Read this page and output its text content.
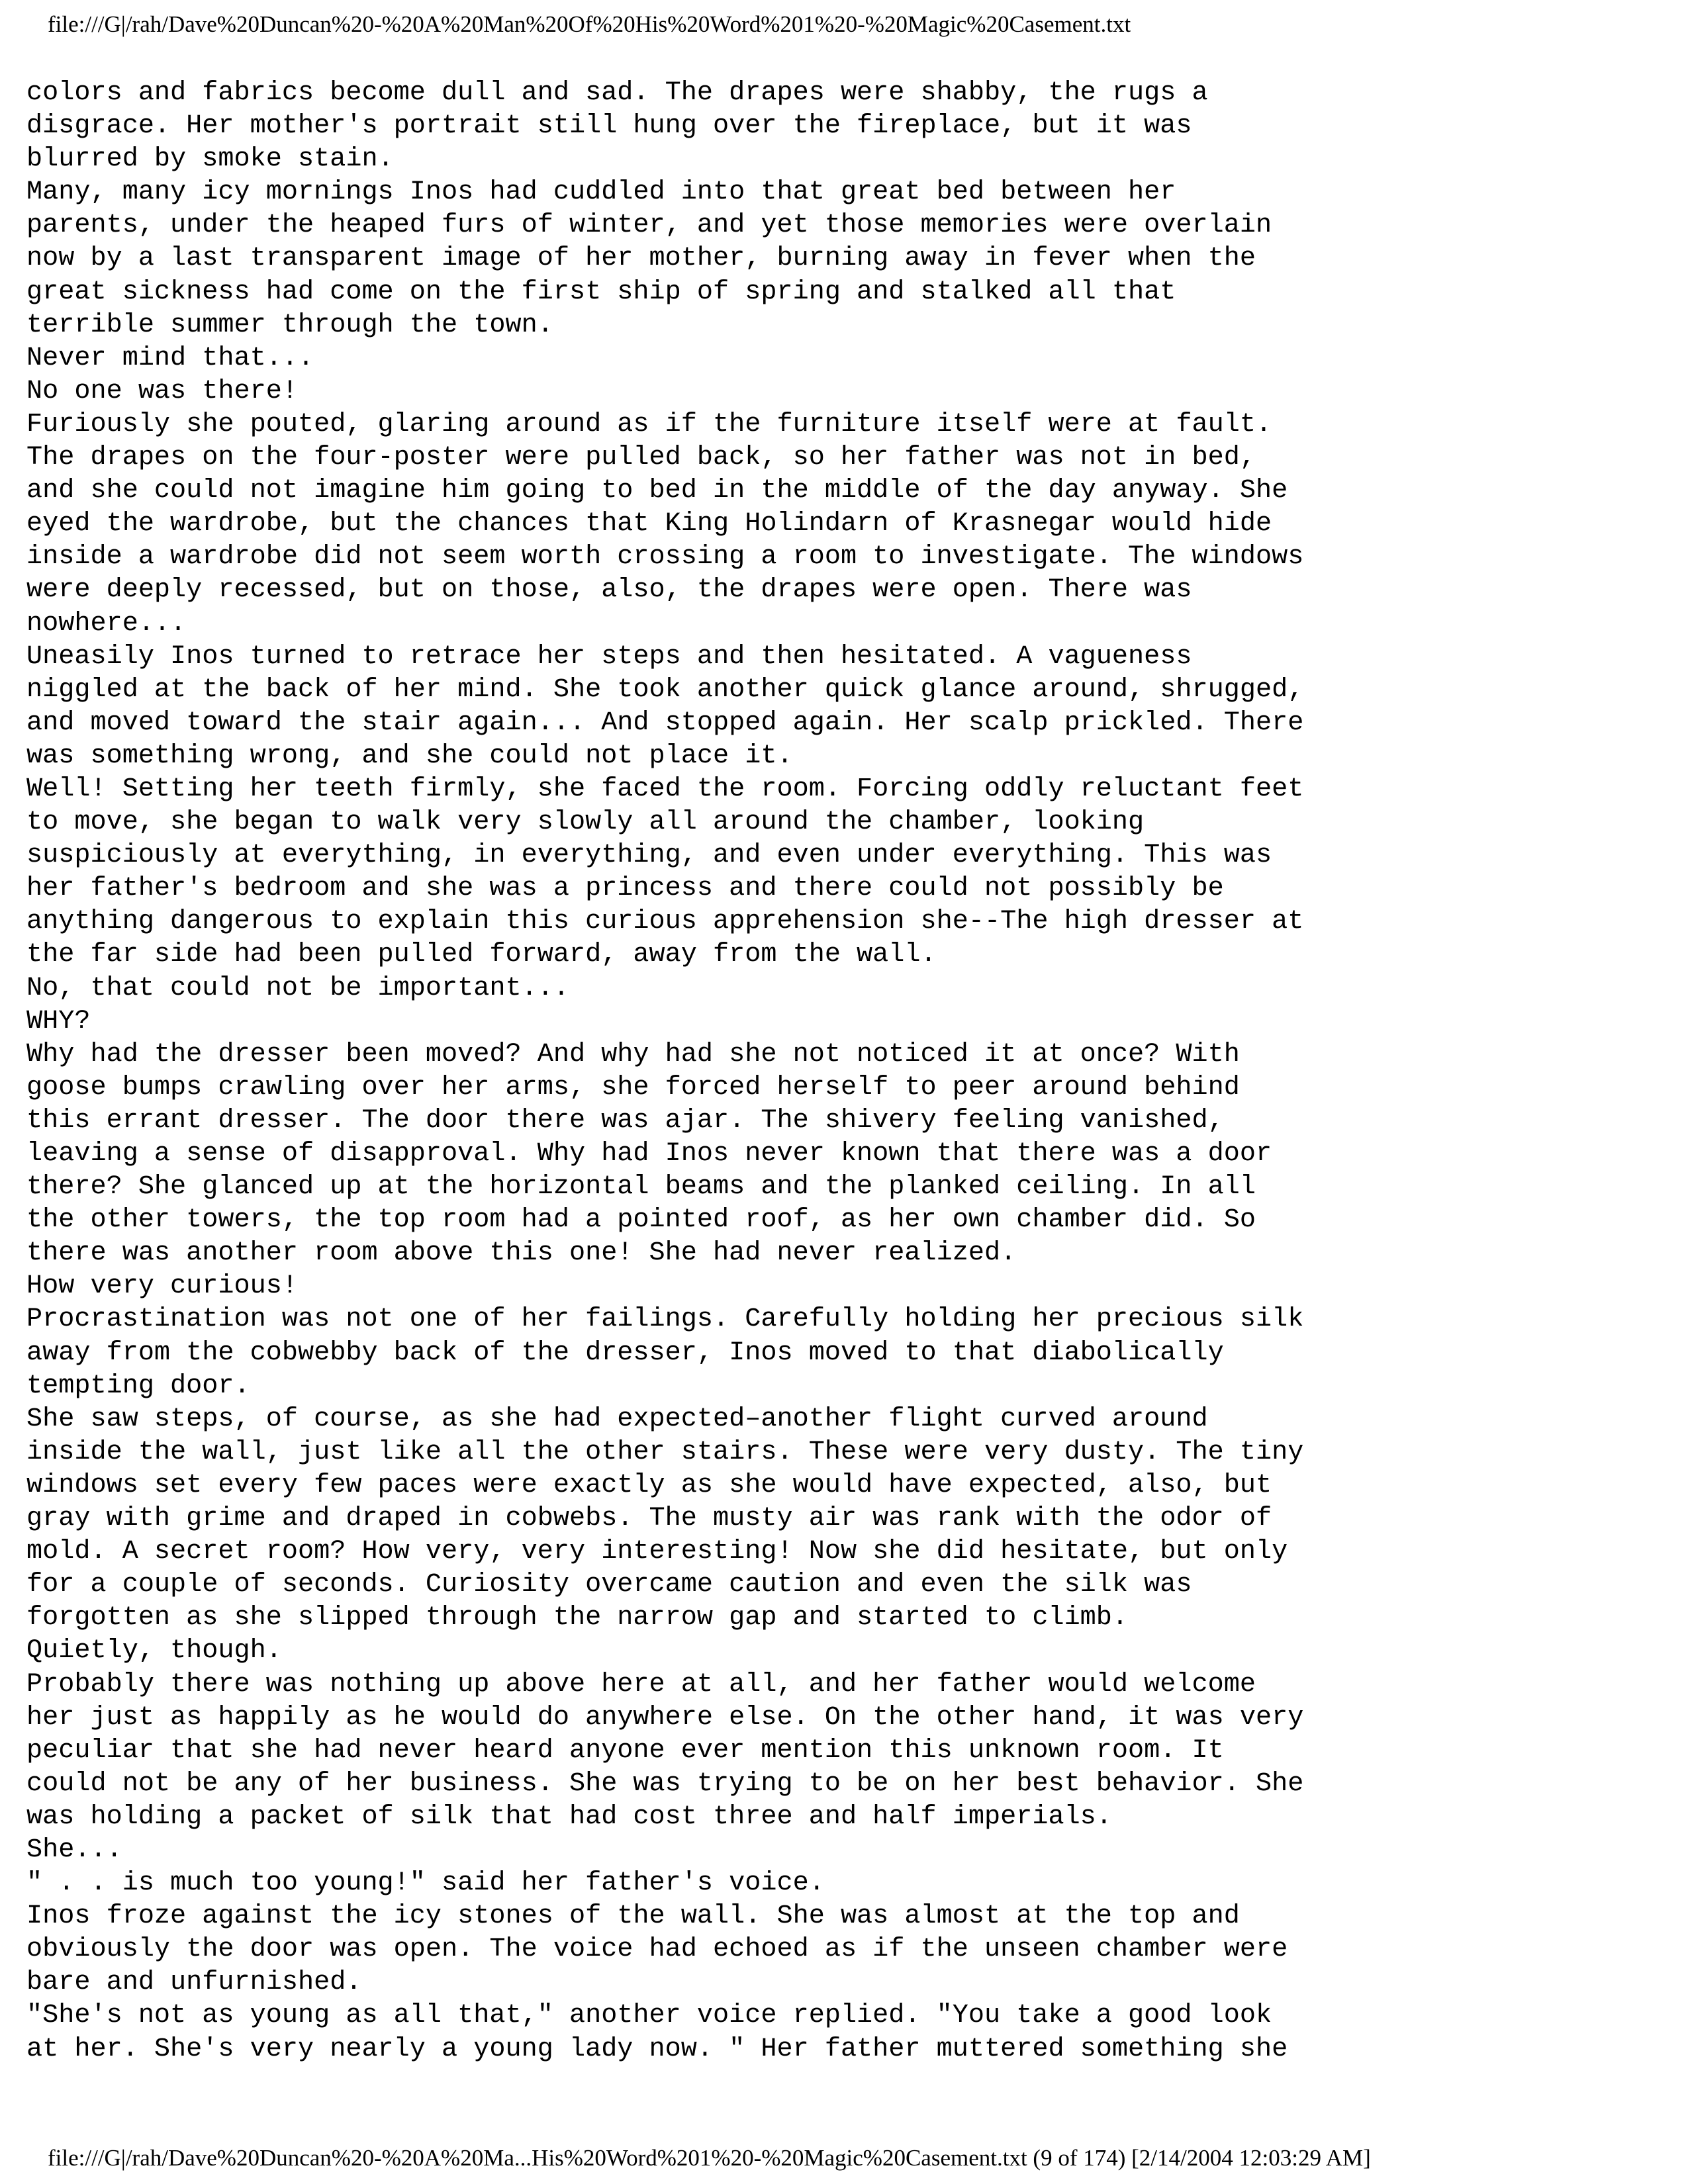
file:///G|/rah/Dave%20Duncan%20-%20A%20Man%20Of%20His%20Word%201%20-%20Magic%20Casement.txt
colors and fabrics become dull and sad. The drapes were shabby, the rugs a
disgrace. Her mother's portrait still hung over the fireplace, but it was
blurred by smoke stain.
Many, many icy mornings Inos had cuddled into that great bed between her
parents, under the heaped furs of winter, and yet those memories were overlain
now by a last transparent image of her mother, burning away in fever when the
great sickness had come on the first ship of spring and stalked all that
terrible summer through the town.
Never mind that...
No one was there!
Furiously she pouted, glaring around as if the furniture itself were at fault.
The drapes on the four-poster were pulled back, so her father was not in bed,
and she could not imagine him going to bed in the middle of the day anyway. She
eyed the wardrobe, but the chances that King Holindarn of Krasnegar would hide
inside a wardrobe did not seem worth crossing a room to investigate. The windows
were deeply recessed, but on those, also, the drapes were open. There was
nowhere...
Uneasily Inos turned to retrace her steps and then hesitated. A vagueness
niggled at the back of her mind. She took another quick glance around, shrugged,
and moved toward the stair again... And stopped again. Her scalp prickled. There
was something wrong, and she could not place it.
Well! Setting her teeth firmly, she faced the room. Forcing oddly reluctant feet
to move, she began to walk very slowly all around the chamber, looking
suspiciously at everything, in everything, and even under everything. This was
her father's bedroom and she was a princess and there could not possibly be
anything dangerous to explain this curious apprehension she--The high dresser at
the far side had been pulled forward, away from the wall.
No, that could not be important...
WHY?
Why had the dresser been moved? And why had she not noticed it at once? With
goose bumps crawling over her arms, she forced herself to peer around behind
this errant dresser. The door there was ajar. The shivery feeling vanished,
leaving a sense of disapproval. Why had Inos never known that there was a door
there? She glanced up at the horizontal beams and the planked ceiling. In all
the other towers, the top room had a pointed roof, as her own chamber did. So
there was another room above this one! She had never realized.
How very curious!
Procrastination was not one of her failings. Carefully holding her precious silk
away from the cobwebby back of the dresser, Inos moved to that diabolically
tempting door.
She saw steps, of course, as she had expected–another flight curved around
inside the wall, just like all the other stairs. These were very dusty. The tiny
windows set every few paces were exactly as she would have expected, also, but
gray with grime and draped in cobwebs. The musty air was rank with the odor of
mold. A secret room? How very, very interesting! Now she did hesitate, but only
for a couple of seconds. Curiosity overcame caution and even the silk was
forgotten as she slipped through the narrow gap and started to climb.
Quietly, though.
Probably there was nothing up above here at all, and her father would welcome
her just as happily as he would do anywhere else. On the other hand, it was very
peculiar that she had never heard anyone ever mention this unknown room. It
could not be any of her business. She was trying to be on her best behavior. She
was holding a packet of silk that had cost three and half imperials.
She...
" . . is much too young!" said her father's voice.
Inos froze against the icy stones of the wall. She was almost at the top and
obviously the door was open. The voice had echoed as if the unseen chamber were
bare and unfurnished.
"She's not as young as all that," another voice replied. "You take a good look
at her. She's very nearly a young lady now. " Her father muttered something she
file:///G|/rah/Dave%20Duncan%20-%20A%20Ma...His%20Word%201%20-%20Magic%20Casement.txt (9 of 174) [2/14/2004 12:03:29 AM]
